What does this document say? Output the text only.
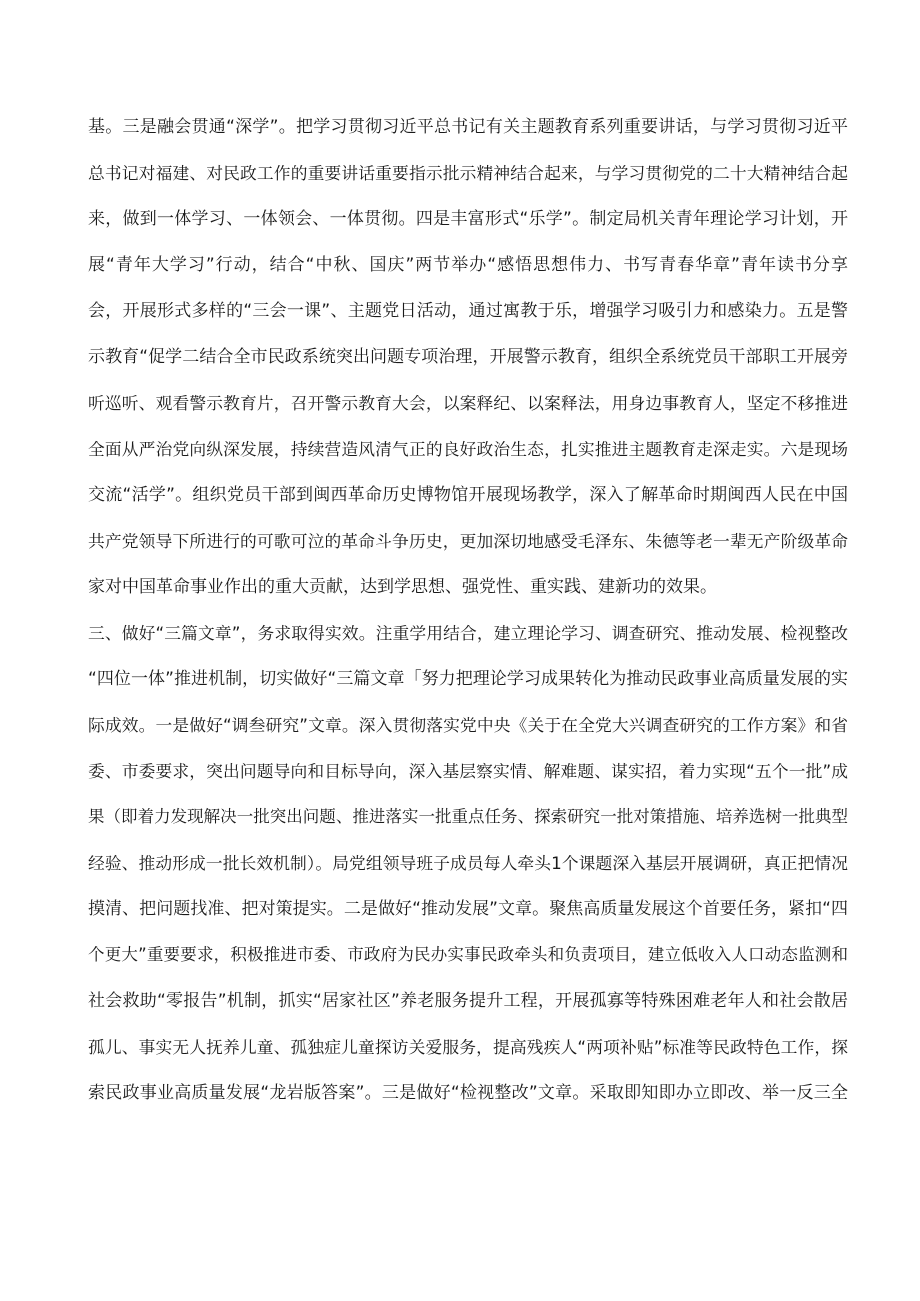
基。三是融会贯通“深学”。把学习贯彻习近平总书记有关主题教育系列重要讲话，与学习贯彻习近平
总书记对福建、对民政工作的重要讲话重要指示批示精神结合起来，与学习贯彻党的二十大精神结合起
来，做到一体学习、一体领会、一体贯彻。四是丰富形式“乐学”。制定局机关青年理论学习计划，开
展“青年大学习”行动，结合“中秋、国庆”两节举办“感悟思想伟力、书写青春华章”青年读书分享
会，开展形式多样的“三会一课”、主题党日活动，通过寓教于乐，增强学习吸引力和感染力。五是警
示教育“促学二结合全市民政系统突出问题专项治理，开展警示教育，组织全系统党员干部职工开展旁
听巡听、观看警示教育片，召开警示教育大会，以案释纪、以案释法，用身边事教育人，坚定不移推进
全面从严治党向纵深发展，持续营造风清气正的良好政治生态，扎实推进主题教育走深走实。六是现场
交流“活学”。组织党员干部到闽西革命历史博物馆开展现场教学，深入了解革命时期闽西人民在中国
共产党领导下所进行的可歌可泣的革命斗争历史，更加深切地感受毛泽东、朱德等老一辈无产阶级革命
家对中国革命事业作出的重大贡献，达到学思想、强党性、重实践、建新功的效果。
三、做好“三篇文章”，务求取得实效。注重学用结合，建立理论学习、调查研究、推动发展、检视整改
“四位一体”推进机制，切实做好“三篇文章「努力把理论学习成果转化为推动民政事业高质量发展的实
际成效。一是做好“调叁研究”文章。深入贯彻落实党中央《关于在全党大兴调查研究的工作方案》和省
委、市委要求，突出问题导向和目标导向，深入基层察实情、解难题、谋实招，着力实现“五个一批”成
果（即着力发现解决一批突出问题、推进落实一批重点任务、探索研究一批对策措施、培养选树一批典型
经验、推动形成一批长效机制）。局党组领导班子成员每人牵头1个课题深入基层开展调研，真正把情况
摸清、把问题找准、把对策提实。二是做好“推动发展”文章。聚焦高质量发展这个首要任务，紧扣“四
个更大”重要要求，积极推进市委、市政府为民办实事民政牵头和负责项目，建立低收入人口动态监测和
社会救助“零报告”机制，抓实“居家社区”养老服务提升工程，开展孤寡等特殊困难老年人和社会散居
孤儿、事实无人抚养儿童、孤独症儿童探访关爱服务，提高残疾人“两项补贴”标准等民政特色工作，探
索民政事业高质量发展“龙岩版答案”。三是做好“检视整改”文章。采取即知即办立即改、举一反三全
